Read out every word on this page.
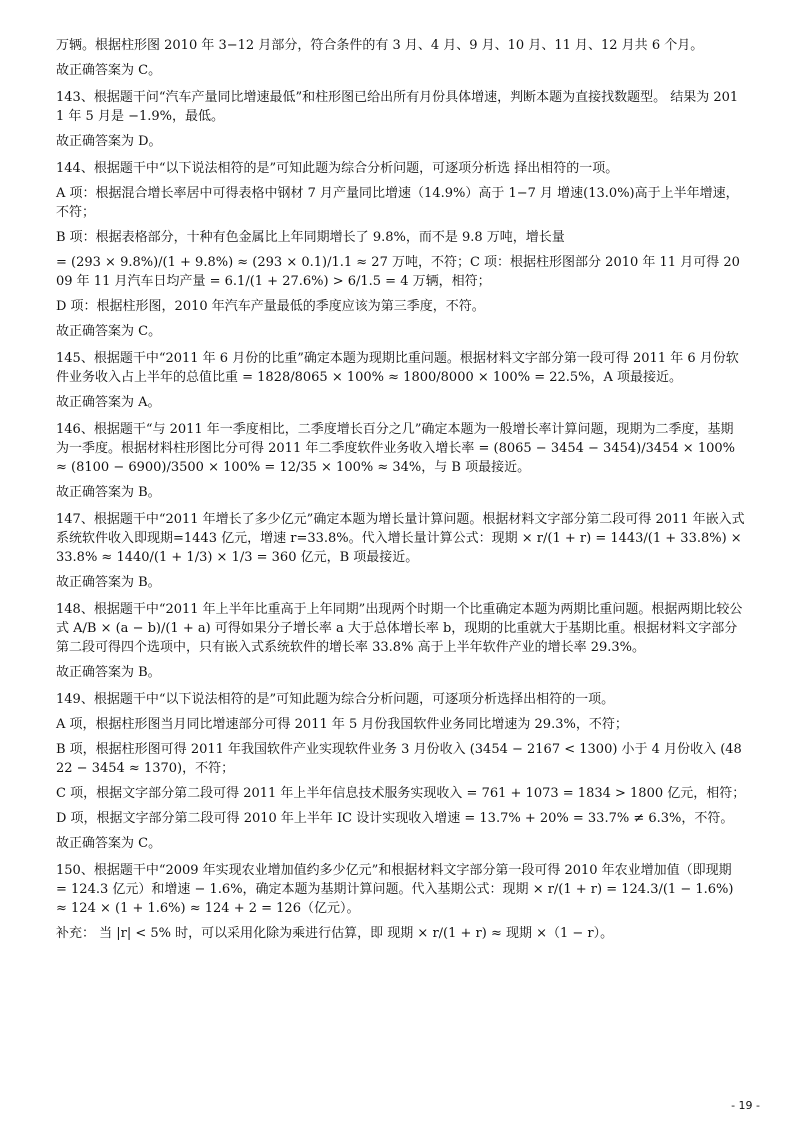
万辆。根据柱形图 2010 年 3−12 月部分，符合条件的有 3 月、4 月、9 月、10 月、11 月、12 月共 6 个月。

故正确答案为 C。

143、根据题干问“汽车产量同比增速最低”和柱形图已给出所有月份具体增速，判断本题为直接找数题型。 结果为 2011 年 5 月是 −1.9%，最低。

故正确答案为 D。

144、根据题干中“以下说法相符的是”可知此题为综合分析问题，可逐项分析选 择出相符的一项。

A 项：根据混合增长率居中可得表格中钢材 7 月产量同比增速（14.9%）高于 1−7 月 增速(13.0%)高于上半年增速，不符；

B 项：根据表格部分，十种有色金属比上年同期增长了 9.8%，而不是 9.8 万吨，增长量

= (293 × 9.8%)/(1 + 9.8%) ≈ (293 × 0.1)/1.1 ≈ 27 万吨，不符；C 项：根据柱形图部分 2010 年 11 月可得 2009 年 11 月汽车日均产量 = 6.1/(1 + 27.6%) > 6/1.5 = 4 万辆，相符；

D 项：根据柱形图，2010 年汽车产量最低的季度应该为第三季度，不符。

故正确答案为 C。

145、根据题干中“2011 年 6 月份的比重”确定本题为现期比重问题。根据材料文字部分第一段可得 2011 年 6 月份软件业务收入占上半年的总值比重 = 1828/8065 × 100% ≈ 1800/8000 × 100% = 22.5%，A 项最接近。

故正确答案为 A。

146、根据题干“与 2011 年一季度相比，二季度增长百分之几”确定本题为一般增长率计算问题，现期为二季度，基期为一季度。根据材料柱形图比分可得 2011 年二季度软件业务收入增长率 = (8065 − 3454 − 3454)/3454 × 100% ≈ (8100 − 6900)/3500 × 100% = 12/35 × 100% ≈ 34%，与 B 项最接近。

故正确答案为 B。

147、根据题干中“2011 年增长了多少亿元”确定本题为增长量计算问题。根据材料文字部分第二段可得 2011 年嵌入式系统软件收入即现期=1443 亿元，增速 r=33.8%。代入增长量计算公式：现期 × r/(1 + r) = 1443/(1 + 33.8%) × 33.8% ≈ 1440/(1 + 1/3) × 1/3 = 360 亿元，B 项最接近。

故正确答案为 B。

148、根据题干中“2011 年上半年比重高于上年同期”出现两个时期一个比重确定本题为两期比重问题。根据两期比较公式 A/B × (a − b)/(1 + a) 可得如果分子增长率 a 大于总体增长率 b，现期的比重就大于基期比重。根据材料文字部分第二段可得四个选项中，只有嵌入式系统软件的增长率 33.8% 高于上半年软件产业的增长率 29.3%。

故正确答案为 B。

149、根据题干中“以下说法相符的是”可知此题为综合分析问题，可逐项分析选择出相符的一项。

A 项，根据柱形图当月同比增速部分可得 2011 年 5 月份我国软件业务同比增速为 29.3%，不符；

B 项，根据柱形图可得 2011 年我国软件产业实现软件业务 3 月份收入 (3454 − 2167 < 1300) 小于 4 月份收入 (4822 − 3454 ≈ 1370)，不符；

C 项，根据文字部分第二段可得 2011 年上半年信息技术服务实现收入 = 761 + 1073 = 1834 > 1800 亿元，相符；

D 项，根据文字部分第二段可得 2010 年上半年 IC 设计实现收入增速 = 13.7% + 20% = 33.7% ≠ 6.3%，不符。

故正确答案为 C。

150、根据题干中“2009 年实现农业增加值约多少亿元”和根据材料文字部分第一段可得 2010 年农业增加值（即现期 = 124.3 亿元）和增速 − 1.6%，确定本题为基期计算问题。代入基期公式：现期 × r/(1 + r) = 124.3/(1 − 1.6%) ≈ 124 × (1 + 1.6%) ≈ 124 + 2 = 126（亿元）。

补充： 当 |r| < 5% 时，可以采用化除为乘进行估算，即 现期 × r/(1 + r) ≈ 现期 ×（1 − r）。

- 19 -
